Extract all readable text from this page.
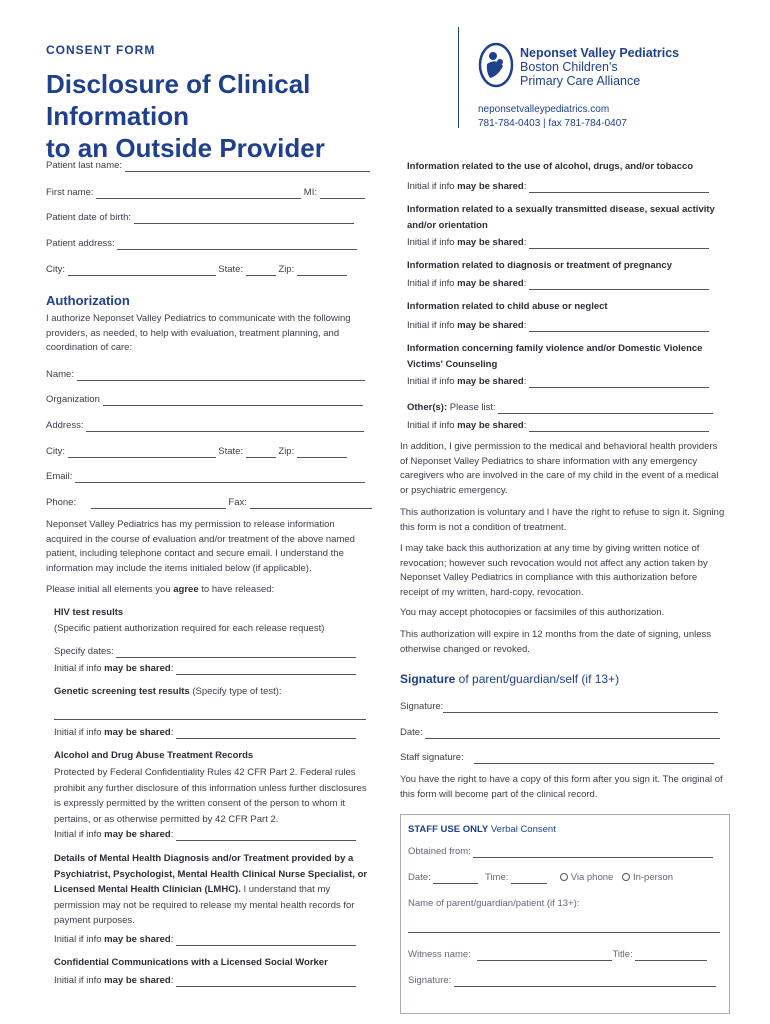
CONSENT FORM
Disclosure of Clinical Information
to an Outside Provider
Neponset Valley Pediatrics
Boston Children's
Primary Care Alliance
neponsetvalleypediatrics.com
781-784-0403 | fax 781-784-0407
Patient last name:
First name:	MI:
Patient date of birth:
Patient address:
City:	State:	Zip:
Authorization
I authorize Neponset Valley Pediatrics to communicate with the following providers, as needed, to help with evaluation, treatment planning, and coordination of care:
Name:
Organization
Address:
City:	State:	Zip:
Email:
Phone:	Fax:
Neponset Valley Pediatrics has my permission to release information acquired in the course of evaluation and/or treatment of the above named patient, including telephone contact and secure email. I understand the information may include the items initialed below (if applicable).
Please initial all elements you agree to have released:
HIV test results
(Specific patient authorization required for each release request)
Specify dates:
Initial if info may be shared:
Genetic screening test results (Specify type of test):
Initial if info may be shared:
Alcohol and Drug Abuse Treatment Records
Protected by Federal Confidentiality Rules 42 CFR Part 2. Federal rules prohibit any further disclosure of this information unless further disclosures is expressly permitted by the written consent of the person to whom it pertains, or as otherwise permitted by 42 CFR Part 2.
Initial if info may be shared:
Details of Mental Health Diagnosis and/or Treatment provided by a Psychiatrist, Psychologist, Mental Health Clinical Nurse Specialist, or Licensed Mental Health Clinician (LMHC). I understand that my permission may not be required to release my mental health records for payment purposes.
Initial if info may be shared:
Confidential Communications with a Licensed Social Worker
Initial if info may be shared:
Information related to the use of alcohol, drugs, and/or tobacco
Initial if info may be shared:
Information related to a sexually transmitted disease, sexual activity and/or orientation
Initial if info may be shared:
Information related to diagnosis or treatment of pregnancy
Initial if info may be shared:
Information related to child abuse or neglect
Initial if info may be shared:
Information concerning family violence and/or Domestic Violence Victims' Counseling
Initial if info may be shared:
Other(s): Please list:
Initial if info may be shared:
In addition, I give permission to the medical and behavioral health providers of Neponset Valley Pediatrics to share information with any emergency caregivers who are involved in the care of my child in the event of a medical or psychiatric emergency.
This authorization is voluntary and I have the right to refuse to sign it. Signing this form is not a condition of treatment.
I may take back this authorization at any time by giving written notice of revocation; however such revocation would not affect any action taken by Neponset Valley Pediatrics in compliance with this authorization before receipt of my written, hard-copy, revocation.
You may accept photocopies or facsimiles of this authorization.
This authorization will expire in 12 months from the date of signing, unless otherwise changed or revoked.
Signature of parent/guardian/self (if 13+)
Signature:
Date:
Staff signature:
You have the right to have a copy of this form after you sign it. The original of this form will become part of the clinical record.
STAFF USE ONLY Verbal Consent
Obtained from:
Date:	Time:	Via phone In-person
Name of parent/guardian/patient (if 13+):
Witness name:	Title:
Signature:
